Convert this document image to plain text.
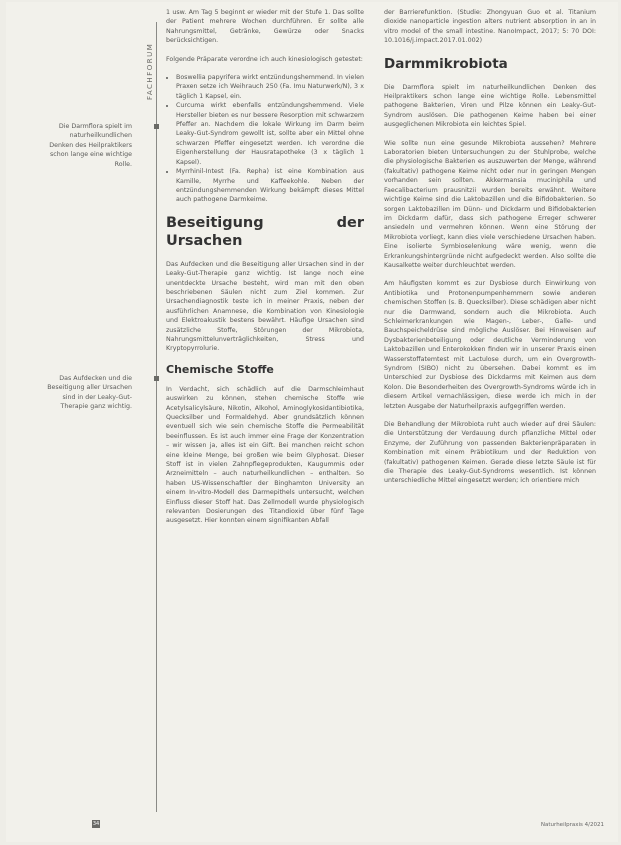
FACHFORUM
Die Darmflora spielt im naturheilkundlichen Denken des Heilpraktikers schon lange eine wichtige Rolle.
Das Aufdecken und die Beseitigung aller Ursachen sind in der Leaky-Gut-Therapie ganz wichtig.

1 usw. Am Tag 5 beginnt er wieder mit der Stufe 1. Das sollte der Patient mehrere Wochen durchführen. Er sollte alle Nahrungsmittel, Getränke, Gewürze oder Snacks berücksichtigen.

Folgende Präparate verordne ich auch kinesiologisch getestet:

• Boswellia papyrifera wirkt entzündungshemmend. In vielen Praxen setze ich Weihrauch 250 (Fa. Imu Naturwerk/N), 3 x täglich 1 Kapsel, ein.
• Curcuma wirkt ebenfalls entzündungshemmend. Viele Hersteller bieten es nur bessere Resorption mit schwarzem Pfeffer an. Nachdem die lokale Wirkung im Darm beim Leaky-Gut-Syndrom gewollt ist, sollte aber ein Mittel ohne schwarzen Pfeffer eingesetzt werden. Ich verordne die Eigenherstellung der Hausratapotheke (3 x täglich 1 Kapsel).
• Myrrhinil-Intest (Fa. Repha) ist eine Kombination aus Kamille, Myrrhe und Kaffeekohle. Neben der entzündungshemmenden Wirkung bekämpft dieses Mittel auch pathogene Darmkeime.
Beseitigung der Ursachen

Das Aufdecken und die Beseitigung aller Ursachen sind in der Leaky-Gut-Therapie ganz wichtig. Ist lange noch eine unentdeckte Ursache besteht, wird man mit den oben beschriebenen Säulen nicht zum Ziel kommen. Zur Ursachendiagnostik teste ich in meiner Praxis, neben der ausführlichen Anamnese, die Kombination von Kinesiologie und Elektroakustik bestens bewährt. Häufige Ursachen sind zusätzliche Stoffe, Störungen der Mikrobiota, Nahrungsmittelunverträglichkeiten, Stress und Kryptopyrrolurie.

Chemische Stoffe

In Verdacht, sich schädlich auf die Darmschleimhaut auswirken zu können, stehen chemische Stoffe wie Acetylsalicylsäure, Nikotin, Alkohol, Aminoglykosidantibiotika, Quecksilber und Formaldehyd. Aber grundsätzlich können eventuell sich wie sein chemische Stoffe die Permeabilität beeinflussen. Es ist auch immer eine Frage der Konzentration – wir wissen ja, alles ist ein Gift. Bei manchen reicht schon eine kleine Menge, bei großen wie beim Glyphosat. Dieser Stoff ist in vielen Zahnpflegeprodukten, Kaugummis oder Arzneimitteln – auch naturheilkundlichen – enthalten. So haben US-Wissenschaftler der Binghamton University an einem In-vitro-Modell des Darmepithels untersucht, welchen Einfluss dieser Stoff hat. Das Zellmodell wurde physiologisch relevanten Dosierungen des Titandioxid über fünf Tage ausgesetzt. Hier konnten einem signifikanten Abfall

der Barrierefunktion. (Studie: Zhongyuan Guo et al. Titanium dioxide nanoparticle ingestion alters nutrient absorption in an in vitro model of the small intestine. NanoImpact, 2017; 5: 70 DOI: 10.1016/j.impact.2017.01.002)

Darmmikrobiota

Die Darmflora spielt im naturheilkundlichen Denken des Heilpraktikers schon lange eine wichtige Rolle. Lebensmittel pathogene Bakterien, Viren und Pilze können ein Leaky-Gut-Syndrom auslösen. Die pathogenen Keime haben bei einer ausgeglichenen Mikrobiota ein leichtes Spiel.

Wie sollte nun eine gesunde Mikrobiota aussehen? Mehrere Laboratorien bieten Untersuchungen zu der Stuhlprobe, welche die physiologische Bakterien es auszuwerten der Menge, während (fakultativ) pathogene Keime nicht oder nur in geringen Mengen vorhanden sein sollten. Akkermansia muciniphila und Faecalibacterium prausnitzii wurden bereits erwähnt. Weitere wichtige Keime sind die Laktobazillen und die Bifidobakterien. So sorgen Laktobazillen im Dünn- und Dickdarm und Bifidobakterien im Dickdarm dafür, dass sich pathogene Erreger schwerer ansiedeln und vermehren können. Wenn eine Störung der Mikrobiota vorliegt, kann dies viele verschiedene Ursachen haben. Eine isolierte Symbioselenkung wäre wenig, wenn die Erkrankungshintergründe nicht aufgedeckt werden. Also sollte die Kausalkette weiter durchleuchtet werden.

Am häufigsten kommt es zur Dysbiose durch Einwirkung von Antibiotika und Protonenpumpenhemmern sowie anderen chemischen Stoffen (s. B. Quecksilber). Diese schädigen aber nicht nur die Darmwand, sondern auch die Mikrobiota. Auch Schleimerkrankungen wie Magen-, Leber-, Galle- und Bauchspeicheldrüse sind mögliche Auslöser. Bei Hinweisen auf Dysbakterienbeteiligung oder deutliche Verminderung von Laktobazillen und Enterokokken finden wir in unserer Praxis einen Wasserstoffatemtest mit Lactulose durch, um ein Overgrowth-Syndrom (SIBO) nicht zu übersehen. Dabei kommt es im Unterschied zur Dysbiose des Dickdarms mit Keimen aus dem Kolon. Die Besonderheiten des Overgrowth-Syndroms würde ich in diesem Artikel vernachlässigen, diese werde ich mich in der letzten Ausgabe der Naturheilpraxis aufgegriffen werden.

Die Behandlung der Mikrobiota ruht auch wieder auf drei Säulen: die Unterstützung der Verdauung durch pflanzliche Mittel oder Enzyme, der Zuführung von passenden Bakterienpräparaten in Kombination mit einem Präbiotikum und der Reduktion von (fakultativ) pathogenen Keimen. Gerade diese letzte Säule ist für die Therapie des Leaky-Gut-Syndroms wesentlich. Ist können unterschiedliche Mittel eingesetzt werden; ich orientiere mich

34	Naturheilpraxis 4/2021
